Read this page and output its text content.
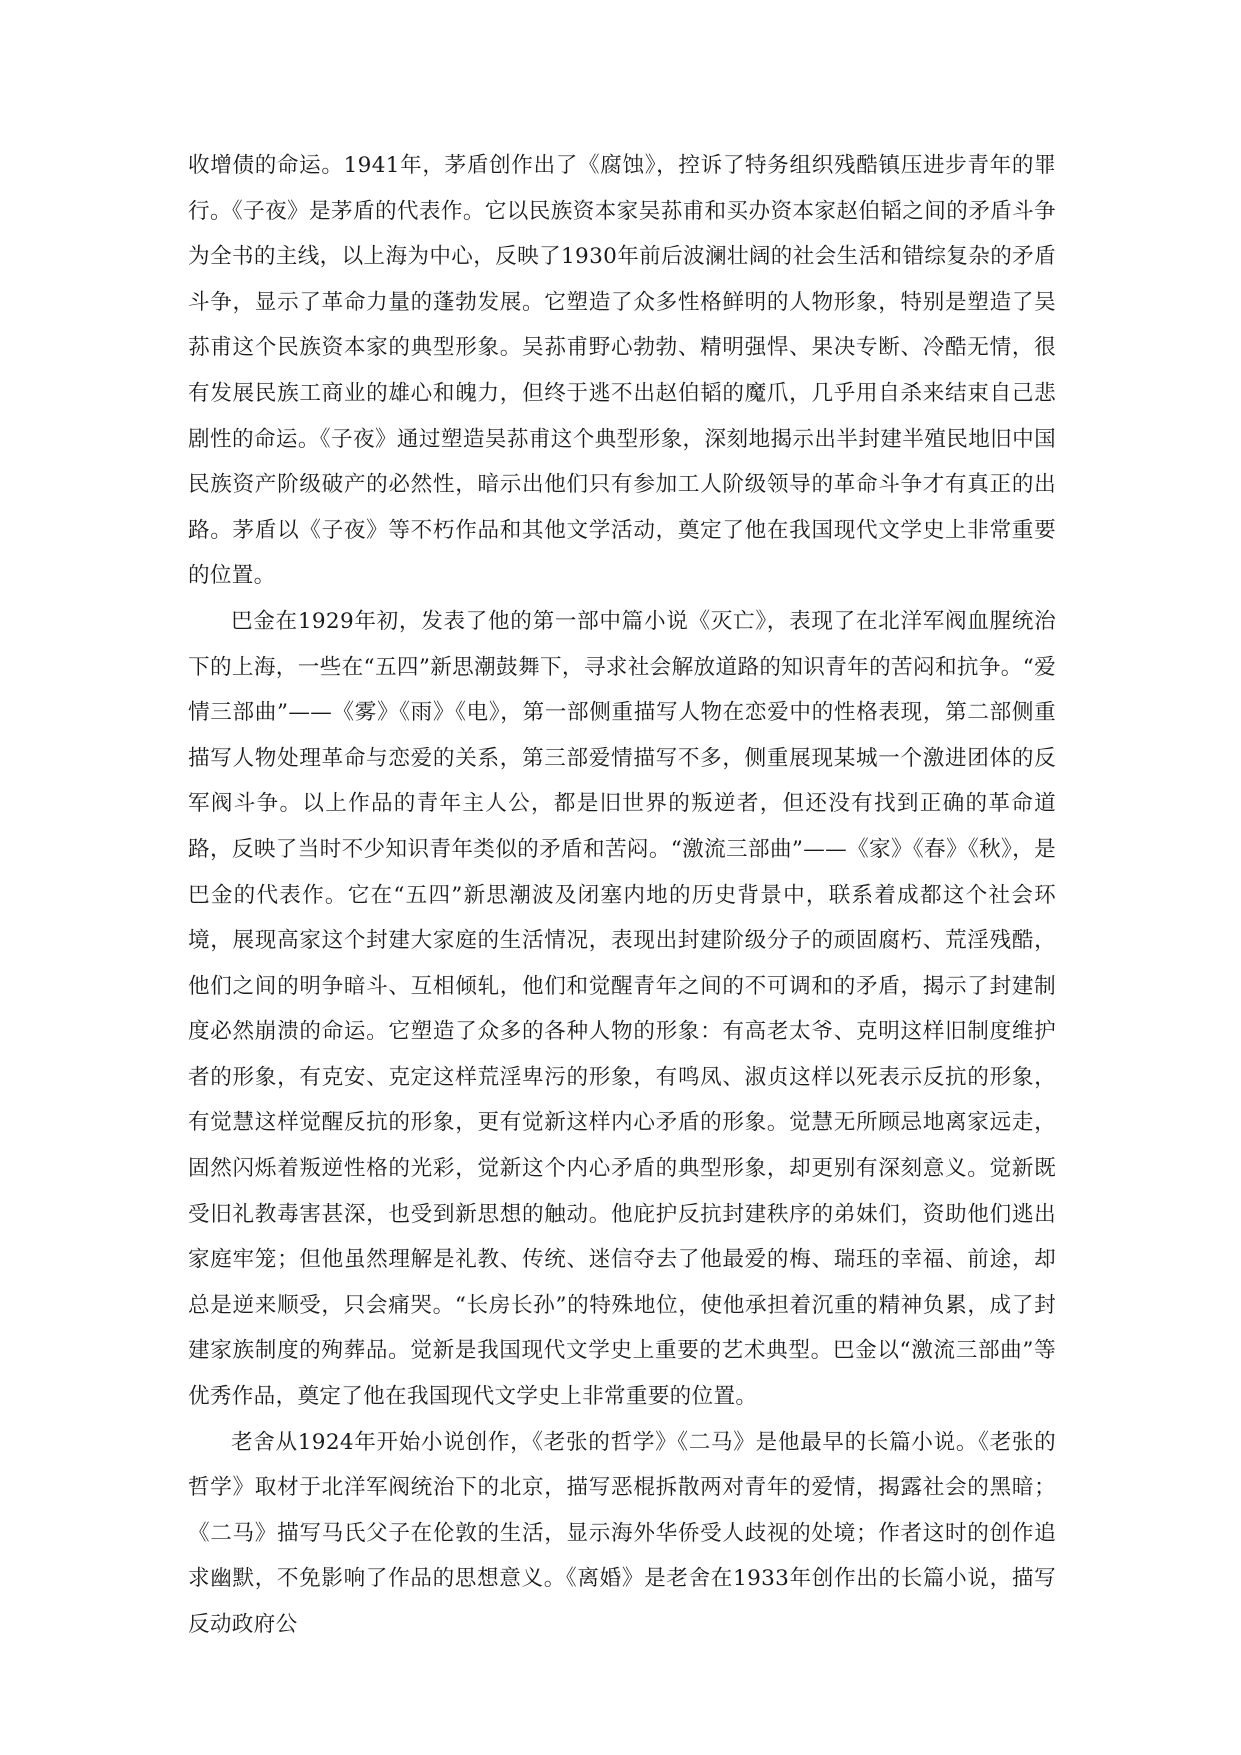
收增债的命运。1941年，茅盾创作出了《腐蚀》，控诉了特务组织残酷镇压进步青年的罪行。《子夜》是茅盾的代表作。它以民族资本家吴荪甫和买办资本家赵伯韬之间的矛盾斗争为全书的主线，以上海为中心，反映了1930年前后波澜壮阔的社会生活和错综复杂的矛盾斗争，显示了革命力量的蓬勃发展。它塑造了众多性格鲜明的人物形象，特别是塑造了吴荪甫这个民族资本家的典型形象。吴荪甫野心勃勃、精明强悍、果决专断、冷酷无情，很有发展民族工商业的雄心和魄力，但终于逃不出赵伯韬的魔爪，几乎用自杀来结束自己悲剧性的命运。《子夜》通过塑造吴荪甫这个典型形象，深刻地揭示出半封建半殖民地旧中国民族资产阶级破产的必然性，暗示出他们只有参加工人阶级领导的革命斗争才有真正的出路。茅盾以《子夜》等不朽作品和其他文学活动，奠定了他在我国现代文学史上非常重要的位置。

巴金在1929年初，发表了他的第一部中篇小说《灭亡》，表现了在北洋军阀血腥统治下的上海，一些在“五四”新思潮鼓舞下，寻求社会解放道路的知识青年的苦闷和抗争。“爱情三部曲”——《雾》《雨》《电》，第一部侧重描写人物在恋爱中的性格表现，第二部侧重描写人物处理革命与恋爱的关系，第三部爱情描写不多，侧重展现某城一个激进团体的反军阀斗争。以上作品的青年主人公，都是旧世界的叛逆者，但还没有找到正确的革命道路，反映了当时不少知识青年类似的矛盾和苦闷。“激流三部曲”——《家》《春》《秋》，是巴金的代表作。它在“五四”新思潮波及闭塞内地的历史背景中，联系着成都这个社会环境，展现高家这个封建大家庭的生活情况，表现出封建阶级分子的顽固腐朽、荒淫残酷，他们之间的明争暗斗、互相倾轧，他们和觉醒青年之间的不可调和的矛盾，揭示了封建制度必然崩溃的命运。它塑造了众多的各种人物的形象：有高老太爷、克明这样旧制度维护者的形象，有克安、克定这样荒淫卑污的形象，有鸣凤、淑贞这样以死表示反抗的形象，有觉慧这样觉醒反抗的形象，更有觉新这样内心矛盾的形象。觉慧无所顾忌地离家远走，固然闪烁着叛逆性格的光彩，觉新这个内心矛盾的典型形象，却更别有深刻意义。觉新既受旧礼教毒害甚深，也受到新思想的触动。他庇护反抗封建秩序的弟妹们，资助他们逃出家庭牢笼；但他虽然理解是礼教、传统、迷信夺去了他最爱的梅、瑞珏的幸福、前途，却总是逆来顺受，只会痛哭。“长房长孙”的特殊地位，使他承担着沉重的精神负累，成了封建家族制度的殉葬品。觉新是我国现代文学史上重要的艺术典型。巴金以“激流三部曲”等优秀作品，奠定了他在我国现代文学史上非常重要的位置。

老舍从1924年开始小说创作，《老张的哲学》《二马》是他最早的长篇小说。《老张的哲学》取材于北洋军阀统治下的北京，描写恶棍拆散两对青年的爱情，揭露社会的黑暗；《二马》描写马氏父子在伦敦的生活，显示海外华侨受人歧视的处境；作者这时的创作追求幽默，不免影响了作品的思想意义。《离婚》是老舍在1933年创作出的长篇小说，描写反动政府公
